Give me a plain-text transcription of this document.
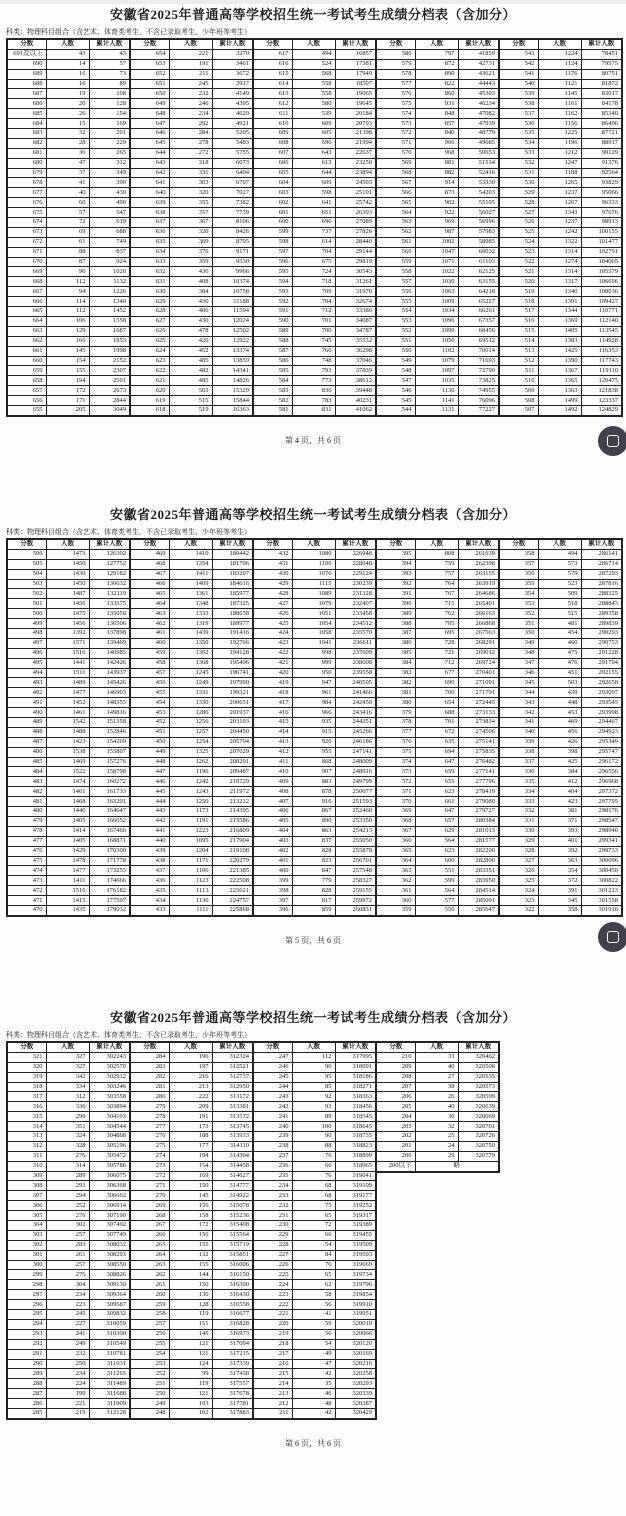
安徽省2025年普通高等学校招生统一考试考生成绩分档表（含加分）
科类：物理科目组合（含艺术、体育类考生，不含已录取考生、少年班等考生）
分数	人数	累计人数	分数	人数	累计人数	分数	人数	累计人数	分数	人数	累计人数	分数	人数	累计人数
691及以上	43	43	654	221	3270	617	494	16857	580	797	41859	543	1224	78451
690	14	57	653	191	3461	616	524	17381	579	872	42731	542	1124	79575
689	16	73	652	211	3672	615	568	17949	578	890	43621	541	1176	80751
688	16	89	651	245	3917	614	558	18507	577	822	44443	540	1121	81872
687	19	108	650	232	4149	613	558	19065	576	860	45303	539	1145	83017
686	20	128	649	246	4395	612	580	19645	575	931	46234	538	1161	84178
685	26	154	648	234	4629	611	539	20184	574	848	47082	537	1162	85340
684	15	169	647	292	4921	610	609	20793	573	857	47939	536	1156	86496
683	32	201	646	284	5205	609	605	21398	572	840	48779	535	1225	87721
682	28	229	645	278	5483	608	596	21994	571	906	49685	534	1196	88917
681	36	265	644	272	5755	607	643	22637	570	968	50653	533	1212	90129
680	47	312	643	318	6073	606	613	23250	569	881	51534	532	1247	91376
679	37	349	642	331	6404	605	644	23894	568	882	52416	531	1188	92564
678	41	390	641	303	6707	604	609	24503	567	914	53330	530	1265	93829
677	40	430	640	320	7027	603	598	25101	566	873	54203	529	1237	95066
676	60	490	639	355	7382	602	641	25742	565	902	55105	528	1267	96333
675	57	547	638	357	7739	601	651	26393	564	922	56027	527	1343	97676
674	72	619	637	367	8106	600	696	27089	563	969	56996	526	1237	98913
673	69	688	636	320	8426	599	737	27826	562	987	57983	525	1242	100155
672	61	749	635	369	8795	598	614	28440	561	1002	58985	524	1322	101477
671	88	837	634	376	9171	597	704	29144	560	1047	60032	523	1314	102791
670	87	924	633	359	9530	596	675	29819	559	1071	61103	522	1274	104065
669	96	1020	632	436	9966	595	724	30543	558	1022	62125	521	1314	105379
668	112	1132	631	408	10374	594	718	31261	557	1030	63155	520	1317	106696
667	94	1226	630	384	10758	593	709	31970	556	1063	64218	519	1340	108036
666	114	1340	629	430	11188	592	704	32674	555	1009	65227	518	1391	109427
665	112	1452	628	406	11594	591	712	33386	554	1034	66261	517	1344	110771
664	106	1558	627	430	12024	590	701	34087	553	1096	67357	516	1369	112140
663	129	1687	626	478	12502	589	700	34787	552	1099	68456	515	1405	113545
662	166	1853	625	420	12922	588	745	35532	551	1056	69512	514	1383	114928
661	145	1998	624	452	13374	587	766	36298	550	1102	70614	513	1425	116353
660	154	2152	623	485	13859	586	748	37046	549	1079	71693	512	1390	117743
659	155	2307	622	482	14341	585	793	37839	548	1097	72790	511	1367	119110
658	194	2501	621	485	14826	584	773	38612	547	1035	73825	510	1365	120475
657	172	2673	620	503	15329	583	836	39448	546	1130	74955	509	1363	121838
656	171	2844	619	515	15844	582	783	40231	545	1141	76096	508	1499	123337
655	205	3049	618	519	16363	581	831	41062	544	1131	77227	507	1492	124829
第 4 页，共 6 页
安徽省2025年普通高等学校招生统一考试考生成绩分档表（含加分）
科类：物理科目组合（含艺术、体育类考生，不含已录取考生、少年班等考生）
分数	人数	累计人数	分数	人数	累计人数	分数	人数	累计人数	分数	人数	累计人数	分数	人数	累计人数
506	1473	126302	469	1410	180442	432	1080	226948	395	808	261639	358	494	286141
505	1450	127752	468	1354	181796	431	1100	228048	394	759	262398	357	573	286714
504	1430	129182	467	1411	183207	430	1076	229124	393	757	263155	356	579	287293
503	1450	130632	466	1409	184616	429	1115	230239	392	764	263919	355	523	287816
502	1487	132119	465	1361	185977	428	1089	231328	391	767	264686	354	509	288325
501	1456	133575	464	1348	187325	427	1079	232407	390	715	265401	353	518	288843
500	1475	135050	463	1333	188658	426	1051	233458	389	762	266163	352	515	289358
499	1456	136506	462	1319	189977	425	1054	234512	388	705	266868	351	481	289839
498	1392	137898	461	1439	191416	424	1058	235570	387	695	267563	350	454	290293
497	1571	139469	460	1350	192766	423	1041	236611	386	728	268291	349	460	290753
496	1516	140985	459	1362	194128	422	998	237609	385	721	269012	348	475	291228
495	1441	142426	458	1368	195496	421	999	238608	384	712	269724	347	476	291704
494	1511	143937	457	1245	196741	420	950	239558	383	677	270401	346	451	292155
493	1489	145426	456	1249	197990	419	947	240505	382	690	271091	345	503	292658
492	1477	146903	455	1331	199321	418	961	241466	381	700	271791	344	439	293097
491	1452	148355	454	1330	200651	417	984	242450	380	654	272445	343	448	293545
490	1461	149816	453	1286	201937	416	966	243416	379	688	273133	342	453	293998
489	1542	151358	452	1256	203193	415	935	244351	378	701	273834	341	469	294467
488	1488	152846	451	1257	204450	414	915	245266	377	672	274506	340	456	294923
487	1423	154269	450	1254	205704	413	920	246186	376	635	275141	339	426	295349
486	1538	155807	449	1325	207029	412	955	247141	375	694	275835	338	398	295747
485	1469	157276	448	1262	208291	411	868	248009	374	647	276482	337	425	296172
484	1522	158798	447	1196	209487	410	907	248916	373	659	277141	336	384	296556
483	1474	160272	446	1242	210729	409	883	249799	372	655	277796	335	412	296968
482	1461	161733	445	1243	211972	408	878	250677	371	623	278419	334	404	297372
481	1468	163201	444	1250	213222	407	916	251593	370	661	279080	333	423	297795
480	1446	164647	443	1173	214395	406	867	252460	369	647	279727	332	381	298176
479	1405	166052	442	1191	215586	405	890	253350	368	657	280384	331	371	298547
478	1414	167466	441	1223	216809	404	863	254213	367	629	281013	330	393	298940
477	1405	168871	440	1095	217904	403	837	255050	366	564	281577	329	401	299341
476	1429	170300	439	1204	219108	402	828	255878	365	623	282200	328	392	299733
475	1478	171778	438	1171	220279	401	823	256701	364	600	282800	327	363	300096
474	1477	173255	437	1106	221385	400	847	257548	363	551	283351	326	354	300450
473	1411	174666	436	1123	222508	399	779	258327	362	599	283950	325	372	300822
472	1516	176182	435	1113	223621	398	828	259155	361	564	284514	324	391	301213
471	1415	177597	434	1136	224757	397	817	259972	360	577	285091	323	345	301558
470	1435	179032	433	1111	225868	396	859	260831	359	556	285647	322	358	301916
第 5 页，共 6 页
安徽省2025年普通高等学校招生统一考试考生成绩分档表（含加分）
科类：物理科目组合（含艺术、体育类考生，不含已录取考生、少年班等考生）
分数	人数	累计人数	分数	人数	累计人数	分数	人数	累计人数
321	327	302243	284	196	312324	247	112	317995
320	327	302570	283	197	312521	246	96	318091
319	342	302912	282	216	312737	245	95	318186
318	334	303246	281	213	312950	244	85	318271
317	312	303558	280	222	313172	243	92	318363
316	336	303894	279	209	313381	242	93	318456
315	299	304193	278	191	313572	241	89	318545
314	351	304544	277	173	313745	240	100	318645
313	324	304868	276	188	313933	239	90	318735
312	328	305196	275	177	314110	238	88	318823
311	276	305472	274	194	314304	237	76	318899
310	314	305786	273	154	314458	236	66	318965
309	289	306075	272	169	314627	235	76	319041
308	293	306368	271	150	314777	234	68	319109
307	294	306662	270	145	314922	233	68	319177
306	252	306914	269	156	315078	232	75	319252
305	276	307190	268	158	315236	231	65	319317
304	302	307492	267	172	315408	230	72	319389
303	257	307749	266	156	315564	229	66	319455
302	283	308032	265	155	315719	228	54	319509
301	261	308293	264	132	315851	227	84	319593
300	257	308550	263	155	316006	226	76	319669
299	276	308826	262	144	316150	225	65	319734
298	304	309130	261	150	316300	224	62	319796
297	234	309364	260	130	316430	223	58	319854
296	223	309587	259	128	316558	222	56	319910
295	245	309832	258	119	316677	221	41	319951
294	227	310059	257	151	316828	220	59	320010
293	241	310300	256	145	316973	219	56	320066
292	249	310549	255	121	317094	218	54	320120
291	232	310781	254	121	317215	217	49	320169
290	250	311031	253	124	317339	216	47	320216
289	234	311265	252	99	317438	215	42	320258
288	224	311489	251	119	317557	214	35	320293
287	199	311688	250	121	317678	213	46	320339
286	221	311909	249	103	317781	212	48	320387
285	219	312128	248	102	317883	211	42	320429
分数	人数	累计人数
210	33	320462
209	46	320508
208	27	320535
207	38	320573
206	26	320599
205	40	320639
204	30	320669
203	32	320701
202	25	320726
201	24	320750
200	29	320779
200以下	略	
第 6 页，共 6 页
